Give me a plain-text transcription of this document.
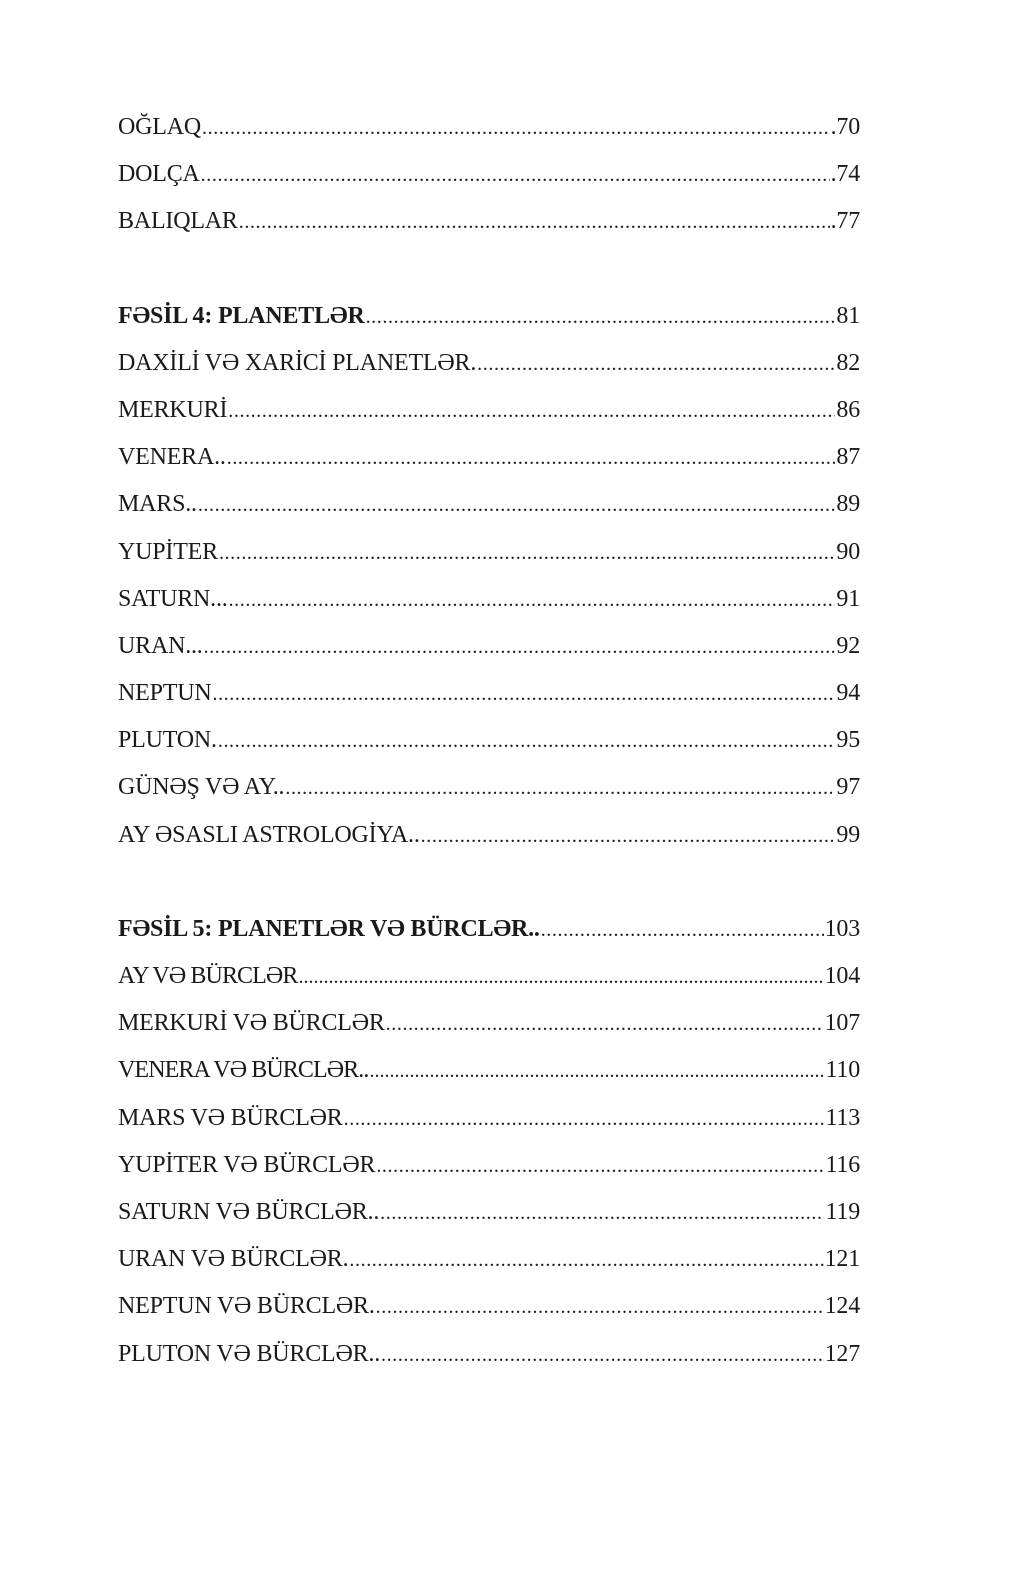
OĞLAQ .....	.70
DOLÇA .....	.74
BALIQLAR .....	.77
FƏSİL 4: PLANETLƏR .....	81
DAXİLİ VƏ XARİCİ PLANETLƏR. .....	82
MERKURİ .....	86
VENERA.. .....	87
MARS.. .....	89
YUPİTER .....	90
SATURN... .....	91
URAN... .....	92
NEPTUN .....	94
PLUTON. .....	95
GÜNƏŞ VƏ AY.. .....	97
AY ƏSASLI ASTROLOGİYA.. .....	99
FƏSİL 5: PLANETLƏR VƏ BÜRCLƏR.. .....	103
AY VƏ BÜRCLƏR .....	104
MERKURİ VƏ BÜRCLƏR .....	107
VENERA VƏ BÜRCLƏR.. .....	110
MARS VƏ BÜRCLƏR .....	113
YUPİTER VƏ BÜRCLƏR .....	116
SATURN VƏ BÜRCLƏR.. .....	119
URAN VƏ BÜRCLƏR. .....	121
NEPTUN VƏ BÜRCLƏR. .....	124
PLUTON VƏ BÜRCLƏR.. .....	127
